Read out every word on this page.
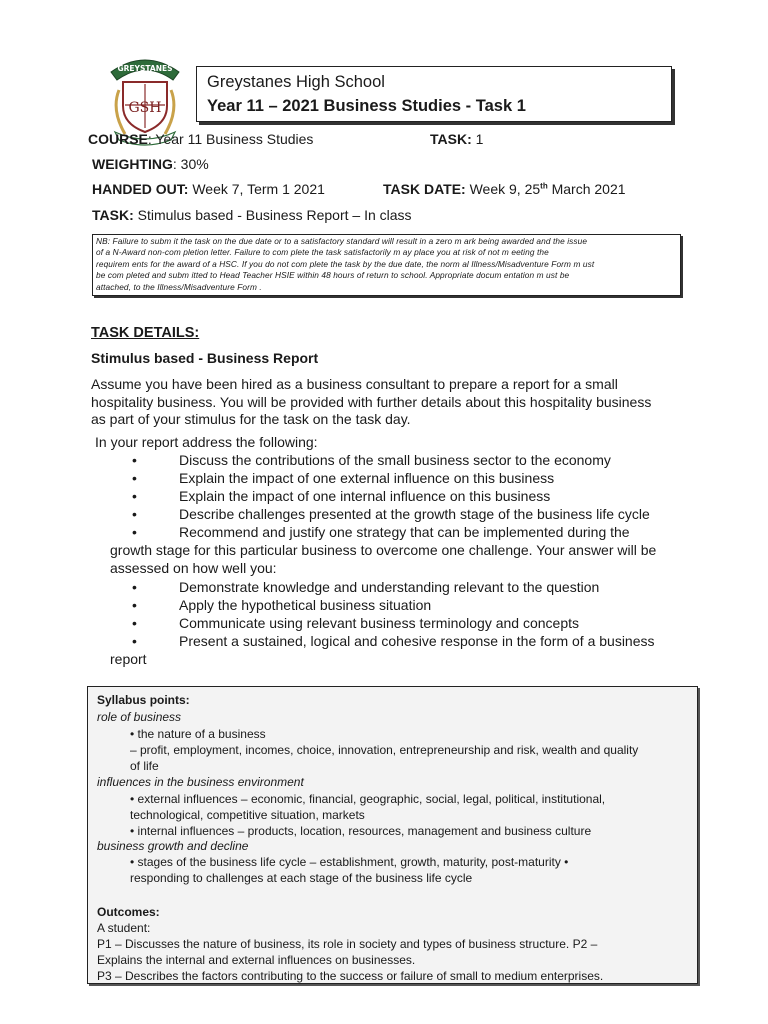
GREYSTANES
GSH
Greystanes High School
Year 11 – 2021 Business Studies - Task 1
COURSE: Year 11 Business Studies	TASK: 1
WEIGHTING: 30%
HANDED OUT: Week 7, Term 1 2021	TASK DATE: Week 9, 25th March 2021
TASK: Stimulus based - Business Report – In class
NB: Failure to subm it the task on the due date or to a satisfactory standard will result in a zero m ark being awarded and the issue
of a N-Award non-com pletion letter. Failure to com plete the task satisfactorily m ay place you at risk of not m eeting the
requirem ents for the award of a HSC. If you do not com plete the task by the due date, the norm al Illness/Misadventure Form m ust
be com pleted and subm itted to Head Teacher HSIE within 48 hours of return to school. Appropriate docum entation m ust be
attached, to the Illness/Misadventure Form .
TASK DETAILS:
Stimulus based - Business Report
Assume you have been hired as a business consultant to prepare a report for a small
hospitality business. You will be provided with further details about this hospitality business
as part of your stimulus for the task on the task day.
In your report address the following:
•	Discuss the contributions of the small business sector to the economy
•	Explain the impact of one external influence on this business
•	Explain the impact of one internal influence on this business
•	Describe challenges presented at the growth stage of the business life cycle
•	Recommend and justify one strategy that can be implemented during the
growth stage for this particular business to overcome one challenge. Your answer will be
assessed on how well you:
•	Demonstrate knowledge and understanding relevant to the question
•	Apply the hypothetical business situation
•	Communicate using relevant business terminology and concepts
•	Present a sustained, logical and cohesive response in the form of a business
report
Syllabus points:
role of business
• the nature of a business
– profit, employment, incomes, choice, innovation, entrepreneurship and risk, wealth and quality
of life
influences in the business environment
• external influences – economic, financial, geographic, social, legal, political, institutional,
technological, competitive situation, markets
• internal influences – products, location, resources, management and business culture
business growth and decline
• stages of the business life cycle – establishment, growth, maturity, post-maturity •
responding to challenges at each stage of the business life cycle
Outcomes:
A student:
P1 – Discusses the nature of business, its role in society and types of business structure. P2 –
Explains the internal and external influences on businesses.
P3 – Describes the factors contributing to the success or failure of small to medium enterprises.
